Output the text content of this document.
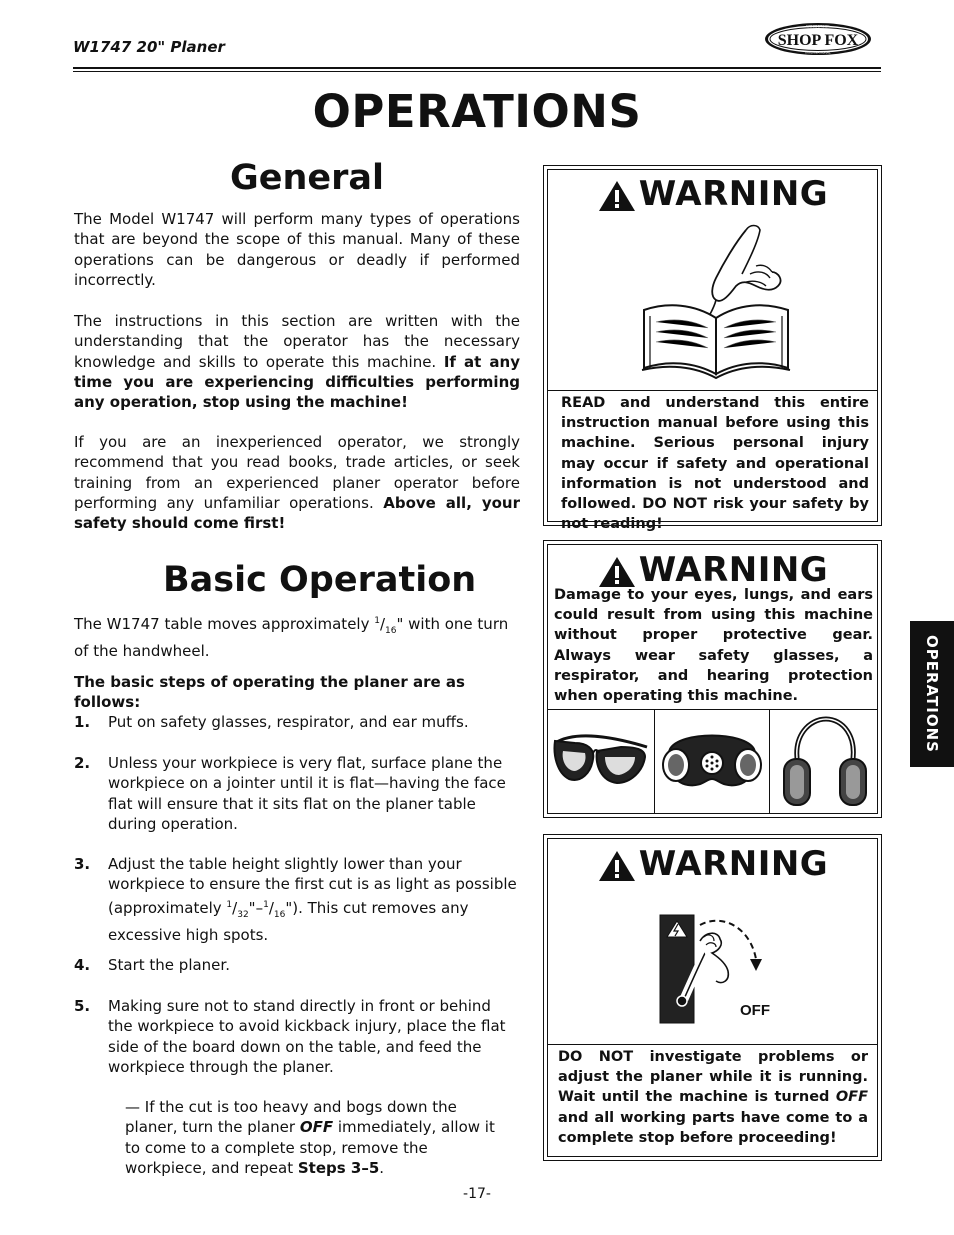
W1747 20" Planer	SHOP FOX
WOODSTOCK
INTERNATIONAL
OPERATIONS
General

The Model W1747 will perform many types of operations that are beyond the scope of this manual. Many of these operations can be dangerous or deadly if performed incorrectly.

The instructions in this section are written with the understanding that the operator has the necessary knowledge and skills to operate this machine. If at any time you are experiencing difficulties performing any operation, stop using the machine!

If you are an inexperienced operator, we strongly recommend that you read books, trade articles, or seek training from an experienced planer operator before performing any unfamiliar operations. Above all, your safety should come first!

Basic Operation
The W1747 table moves approximately $^1/_{16}$" with one turn of the handwheel.
The basic steps of operating the planer are as follows:
1. Put on safety glasses, respirator, and ear muffs.
2. Unless your workpiece is very flat, surface plane the workpiece on a jointer until it is flat—having the face flat will ensure that it sits flat on the planer table during operation.
3. Adjust the table height slightly lower than your workpiece to ensure the first cut is as light as possible (approximately $^1/_{32}"-^1/_{16}$"). This cut removes any excessive high spots.
4. Start the planer.
5. Making sure not to stand directly in front or behind the workpiece to avoid kickback injury, place the flat side of the board down on the table, and feed the workpiece through the planer.
— If the cut is too heavy and bogs down the planer, turn the planer OFF immediately, allow it to come to a complete stop, remove the workpiece, and repeat Steps 3–5.
WARNING
READ and understand this entire instruction manual before using this machine. Serious personal injury may occur if safety and operational information is not understood and followed. DO NOT risk your safety by not reading!
WARNING
Damage to your eyes, lungs, and ears could result from using this machine without proper protective gear. Always wear safety glasses, a respirator, and hearing protection when operating this machine.
WARNING
OFF
DO NOT investigate problems or adjust the planer while it is running. Wait until the machine is turned OFF and all working parts have come to a complete stop before proceeding!
OPERATIONS
-17-
